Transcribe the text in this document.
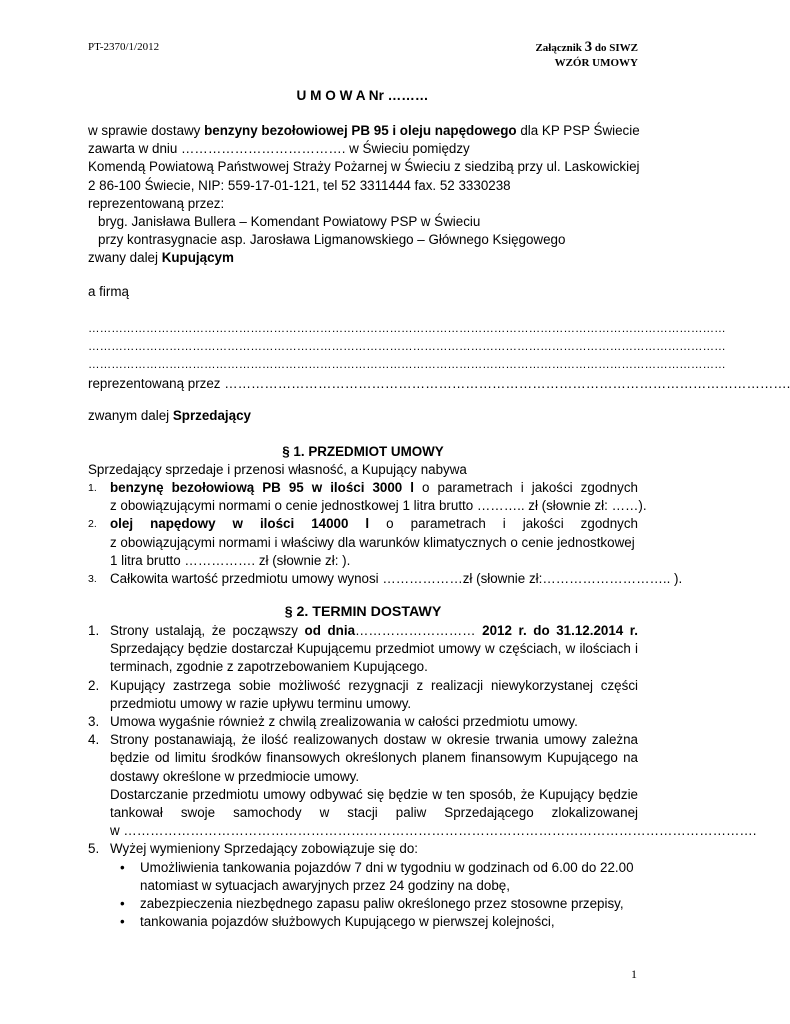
PT-2370/1/2012	Załącznik 3 do SIWZ
WZÓR UMOWY
U M O W A Nr ………
w sprawie dostawy benzyny bezołowiowej PB 95 i oleju napędowego dla KP PSP Świecie
zawarta w dniu ………………………………. w Świeciu pomiędzy
Komendą Powiatową Państwowej Straży Pożarnej w Świeciu z siedzibą przy ul. Laskowickiej
2 86-100 Świecie, NIP: 559-17-01-121, tel 52 3311444 fax. 52 3330238
reprezentowaną przez:
bryg. Janisława Bullera – Komendant Powiatowy PSP w Świeciu
przy kontrasygnacie asp. Jarosława Ligmanowskiego – Głównego Księgowego
zwany dalej Kupującym
a firmą
…………………………………………………………………………………………………………………………………………………
…………………………………………………………………………………………………………………………………………………
…………………………………………………………………………………………………………………………………………………
reprezentowaną przez ……………………………………………………………………………………………………………….
zwanym dalej Sprzedający
§ 1. PRZEDMIOT UMOWY
Sprzedający sprzedaje i przenosi własność, a Kupujący nabywa
1. benzynę bezołowiową PB 95 w ilości 3000 l o parametrach i jakości zgodnych
z obowiązującymi normami o cenie jednostkowej 1 litra brutto ……….. zł (słownie zł: ……).
2. olej napędowy w ilości 14000 l o parametrach i jakości zgodnych
z obowiązującymi normami i właściwy dla warunków klimatycznych o cenie jednostkowej
1 litra brutto ……………. zł (słownie zł: ).
3. Całkowita wartość przedmiotu umowy wynosi ………………zł (słownie zł:……………………….. ).
§ 2. TERMIN DOSTAWY
1. Strony ustalają, że począwszy od dnia……………………… 2012 r. do 31.12.2014 r.
Sprzedający będzie dostarczał Kupującemu przedmiot umowy w częściach, w ilościach i
terminach, zgodnie z zapotrzebowaniem Kupującego.
2. Kupujący zastrzega sobie możliwość rezygnacji z realizacji niewykorzystanej części
przedmiotu umowy w razie upływu terminu umowy.
3. Umowa wygaśnie również z chwilą zrealizowania w całości przedmiotu umowy.
4. Strony postanawiają, że ilość realizowanych dostaw w okresie trwania umowy zależna
będzie od limitu środków finansowych określonych planem finansowym Kupującego na
dostawy określone w przedmiocie umowy.
Dostarczanie przedmiotu umowy odbywać się będzie w ten sposób, że Kupujący będzie
tankował swoje samochody w stacji paliw Sprzedającego zlokalizowanej
w …………………………………………………………………………………………………………………………….
5. Wyżej wymieniony Sprzedający zobowiązuje się do:
• Umożliwienia tankowania pojazdów 7 dni w tygodniu w godzinach od 6.00 do 22.00
natomiast w sytuacjach awaryjnych przez 24 godziny na dobę,
• zabezpieczenia niezbędnego zapasu paliw określonego przez stosowne przepisy,
• tankowania pojazdów służbowych Kupującego w pierwszej kolejności,
1
